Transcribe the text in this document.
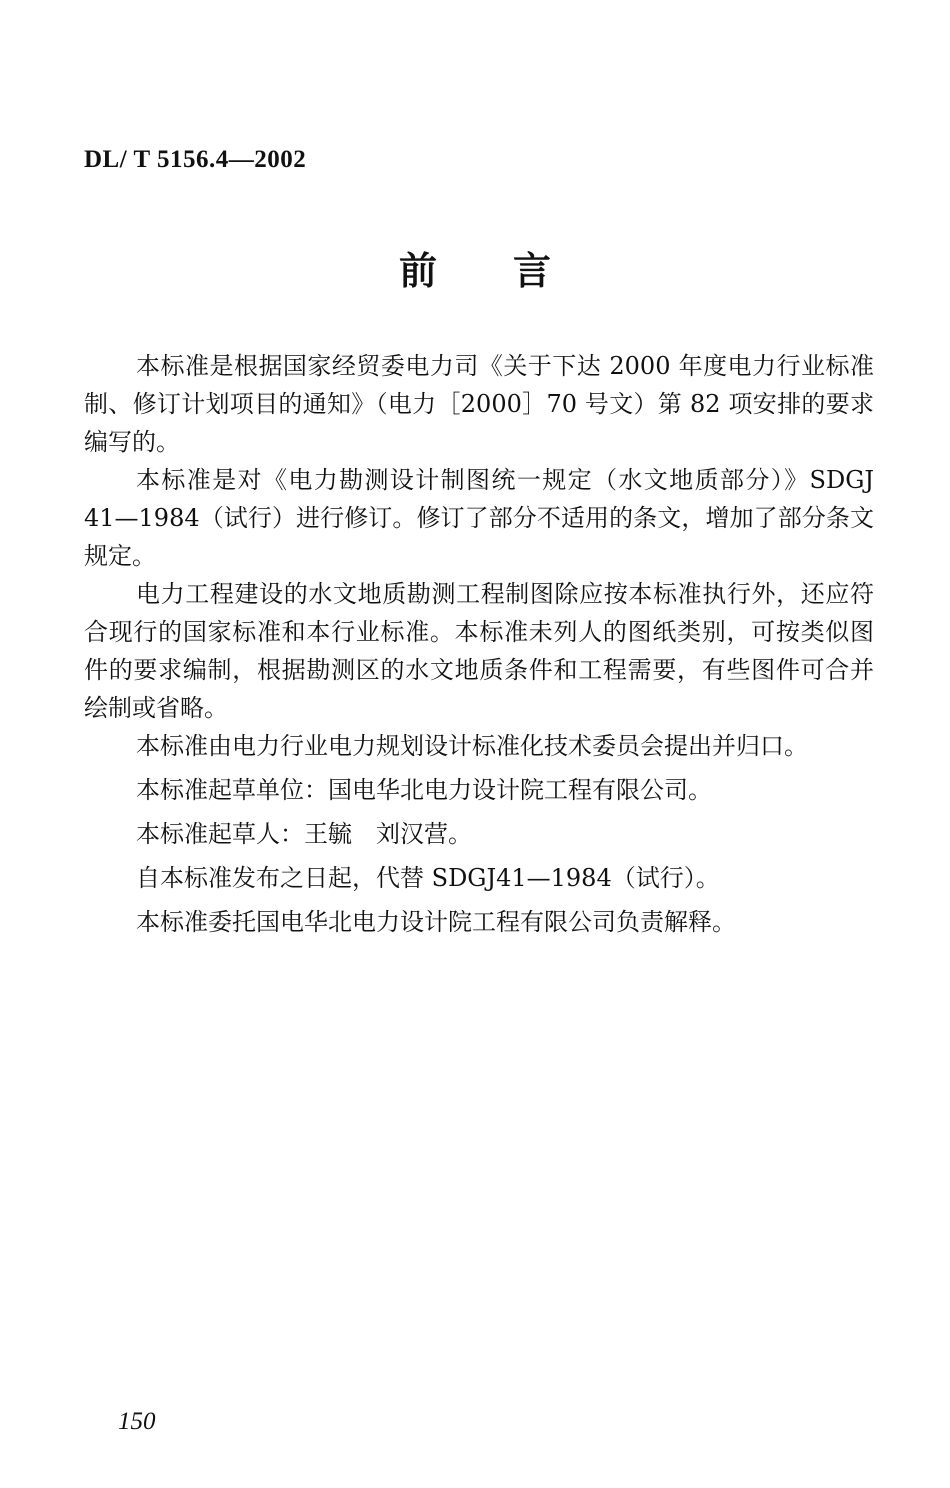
DL/ T 5156.4—2002
前 言

本标准是根据国家经贸委电力司《关于下达 2000 年度电力行业标准制、修订计划项目的通知》（电力［2000］70 号文）第 82 项安排的要求编写的。

本标准是对《电力勘测设计制图统一规定（水文地质部分）》SDGJ 41—1984（试行）进行修订。修订了部分不适用的条文，增加了部分条文规定。

电力工程建设的水文地质勘测工程制图除应按本标准执行外，还应符合现行的国家标准和本行业标准。本标准未列人的图纸类别，可按类似图件的要求编制，根据勘测区的水文地质条件和工程需要，有些图件可合并绘制或省略。

本标准由电力行业电力规划设计标准化技术委员会提出并归口。

本标准起草单位：国电华北电力设计院工程有限公司。

本标准起草人：王毓　刘汉营。

自本标准发布之日起，代替 SDGJ41—1984（试行）。

本标准委托国电华北电力设计院工程有限公司负责解释。

150
